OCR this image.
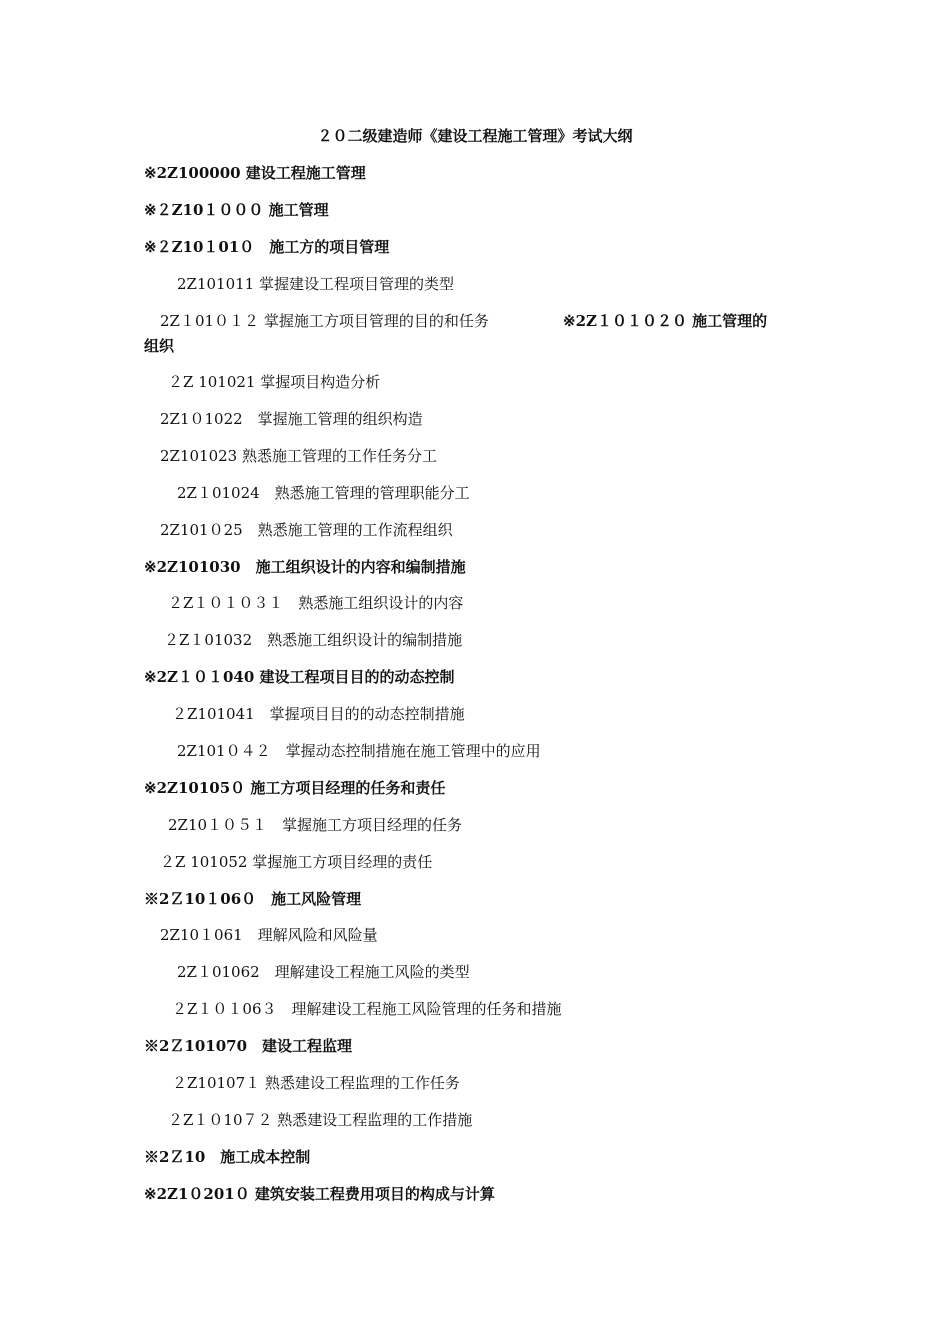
２０二级建造师《建设工程施工管理》考试大纲
※2Z100000 建设工程施工管理
※２Z10１０００ 施工管理
※２Z10１01０　施工方的项目管理
2Z101011 掌握建设工程项目管理的类型
2Z１01０１２ 掌握施工方项目管理的目的和任务	※2Z１０１０２０ 施工管理的
组织
２Z 101021 掌握项目构造分析
2Z1０1022　掌握施工管理的组织构造
2Z101023 熟悉施工管理的工作任务分工
2Z１01024　熟悉施工管理的管理职能分工
2Z101０25　熟悉施工管理的工作流程组织
※2Z101030　施工组织设计的内容和编制措施
２Z１０１０３１　熟悉施工组织设计的内容
２Z１01032　熟悉施工组织设计的编制措施
※2Z１０１040 建设工程项目目的的动态控制
２Z101041　掌握项目目的的动态控制措施
2Z101０４２　掌握动态控制措施在施工管理中的应用
※2Z10105０ 施工方项目经理的任务和责任
2Z10１０５１　掌握施工方项目经理的任务
２Z 101052 掌握施工方项目经理的责任
※2Ｚ10１06０　施工风险管理
2Z10１061　理解风险和风险量
2Z１01062　理解建设工程施工风险的类型
２Z１０１06３　理解建设工程施工风险管理的任务和措施
※2Ｚ101070　建设工程监理
２Z10107１ 熟悉建设工程监理的工作任务
２Z１０10７２ 熟悉建设工程监理的工作措施
※2Ｚ10　施工成本控制
※2Z1０201０ 建筑安装工程费用项目的构成与计算
